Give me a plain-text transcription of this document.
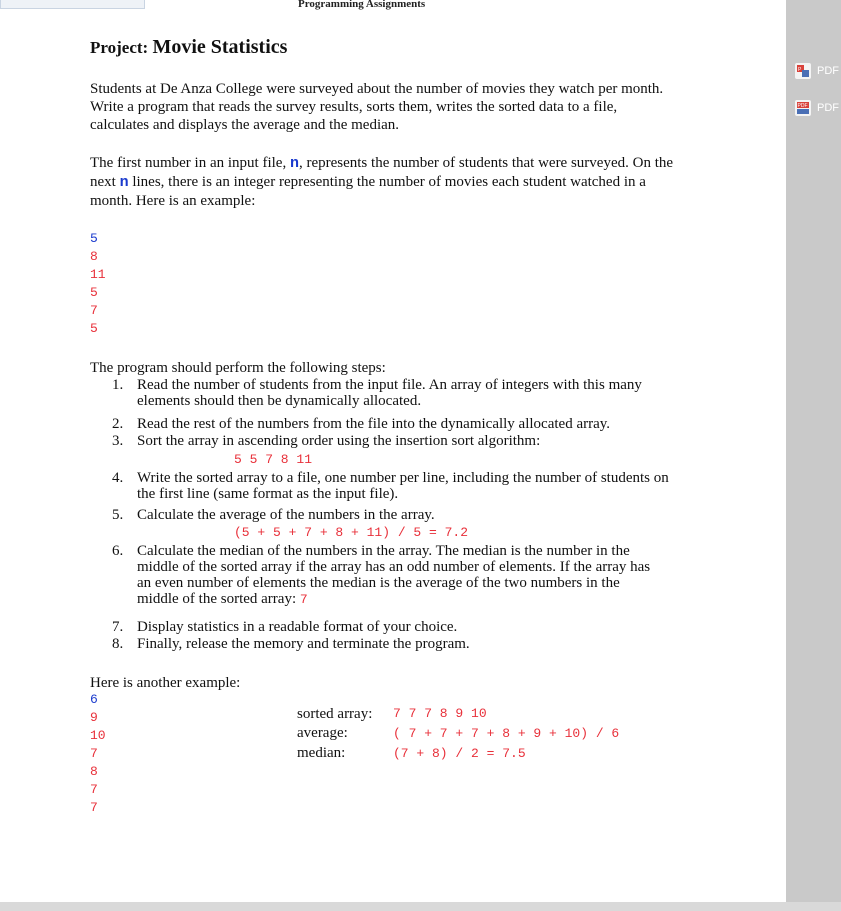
Programming Assignments
Project: Movie Statistics

Students at De Anza College were surveyed about the number of movies they watch per month. Write a program that reads the survey results, sorts them, writes the sorted data to a file, calculates and displays the average and the median.

The first number in an input file, n, represents the number of students that were surveyed. On the next n lines, there is an integer representing the number of movies each student watched in a month. Here is an example:

5
8
11
5
7
5

The program should perform the following steps:

1. Read the number of students from the input file. An array of integers with this many elements should then be dynamically allocated.
2. Read the rest of the numbers from the file into the dynamically allocated array.
3. Sort the array in ascending order using the insertion sort algorithm:
4. Write the sorted array to a file, one number per line, including the number of students on the first line (same format as the input file).
5. Calculate the average of the numbers in the array.
6. Calculate the median of the numbers in the array. The median is the number in the middle of the sorted array if the array has an odd number of elements. If the array has an even number of elements the median is the average of the two numbers in the middle of the sorted array: 7
7. Display statistics in a readable format of your choice.
8. Finally, release the memory and terminate the program.
5 5 7 8 11
(5 + 5 + 7 + 8 + 11) / 5 = 7.2

Here is another example:

6
9
10
7
8
7
7
sorted array: 7 7 7 8 9 10
average:	( 7 + 7 + 7 + 8 + 9 + 10) / 6
median:	(7 + 8) / 2 = 7.5
P PDF
PDF PDF
